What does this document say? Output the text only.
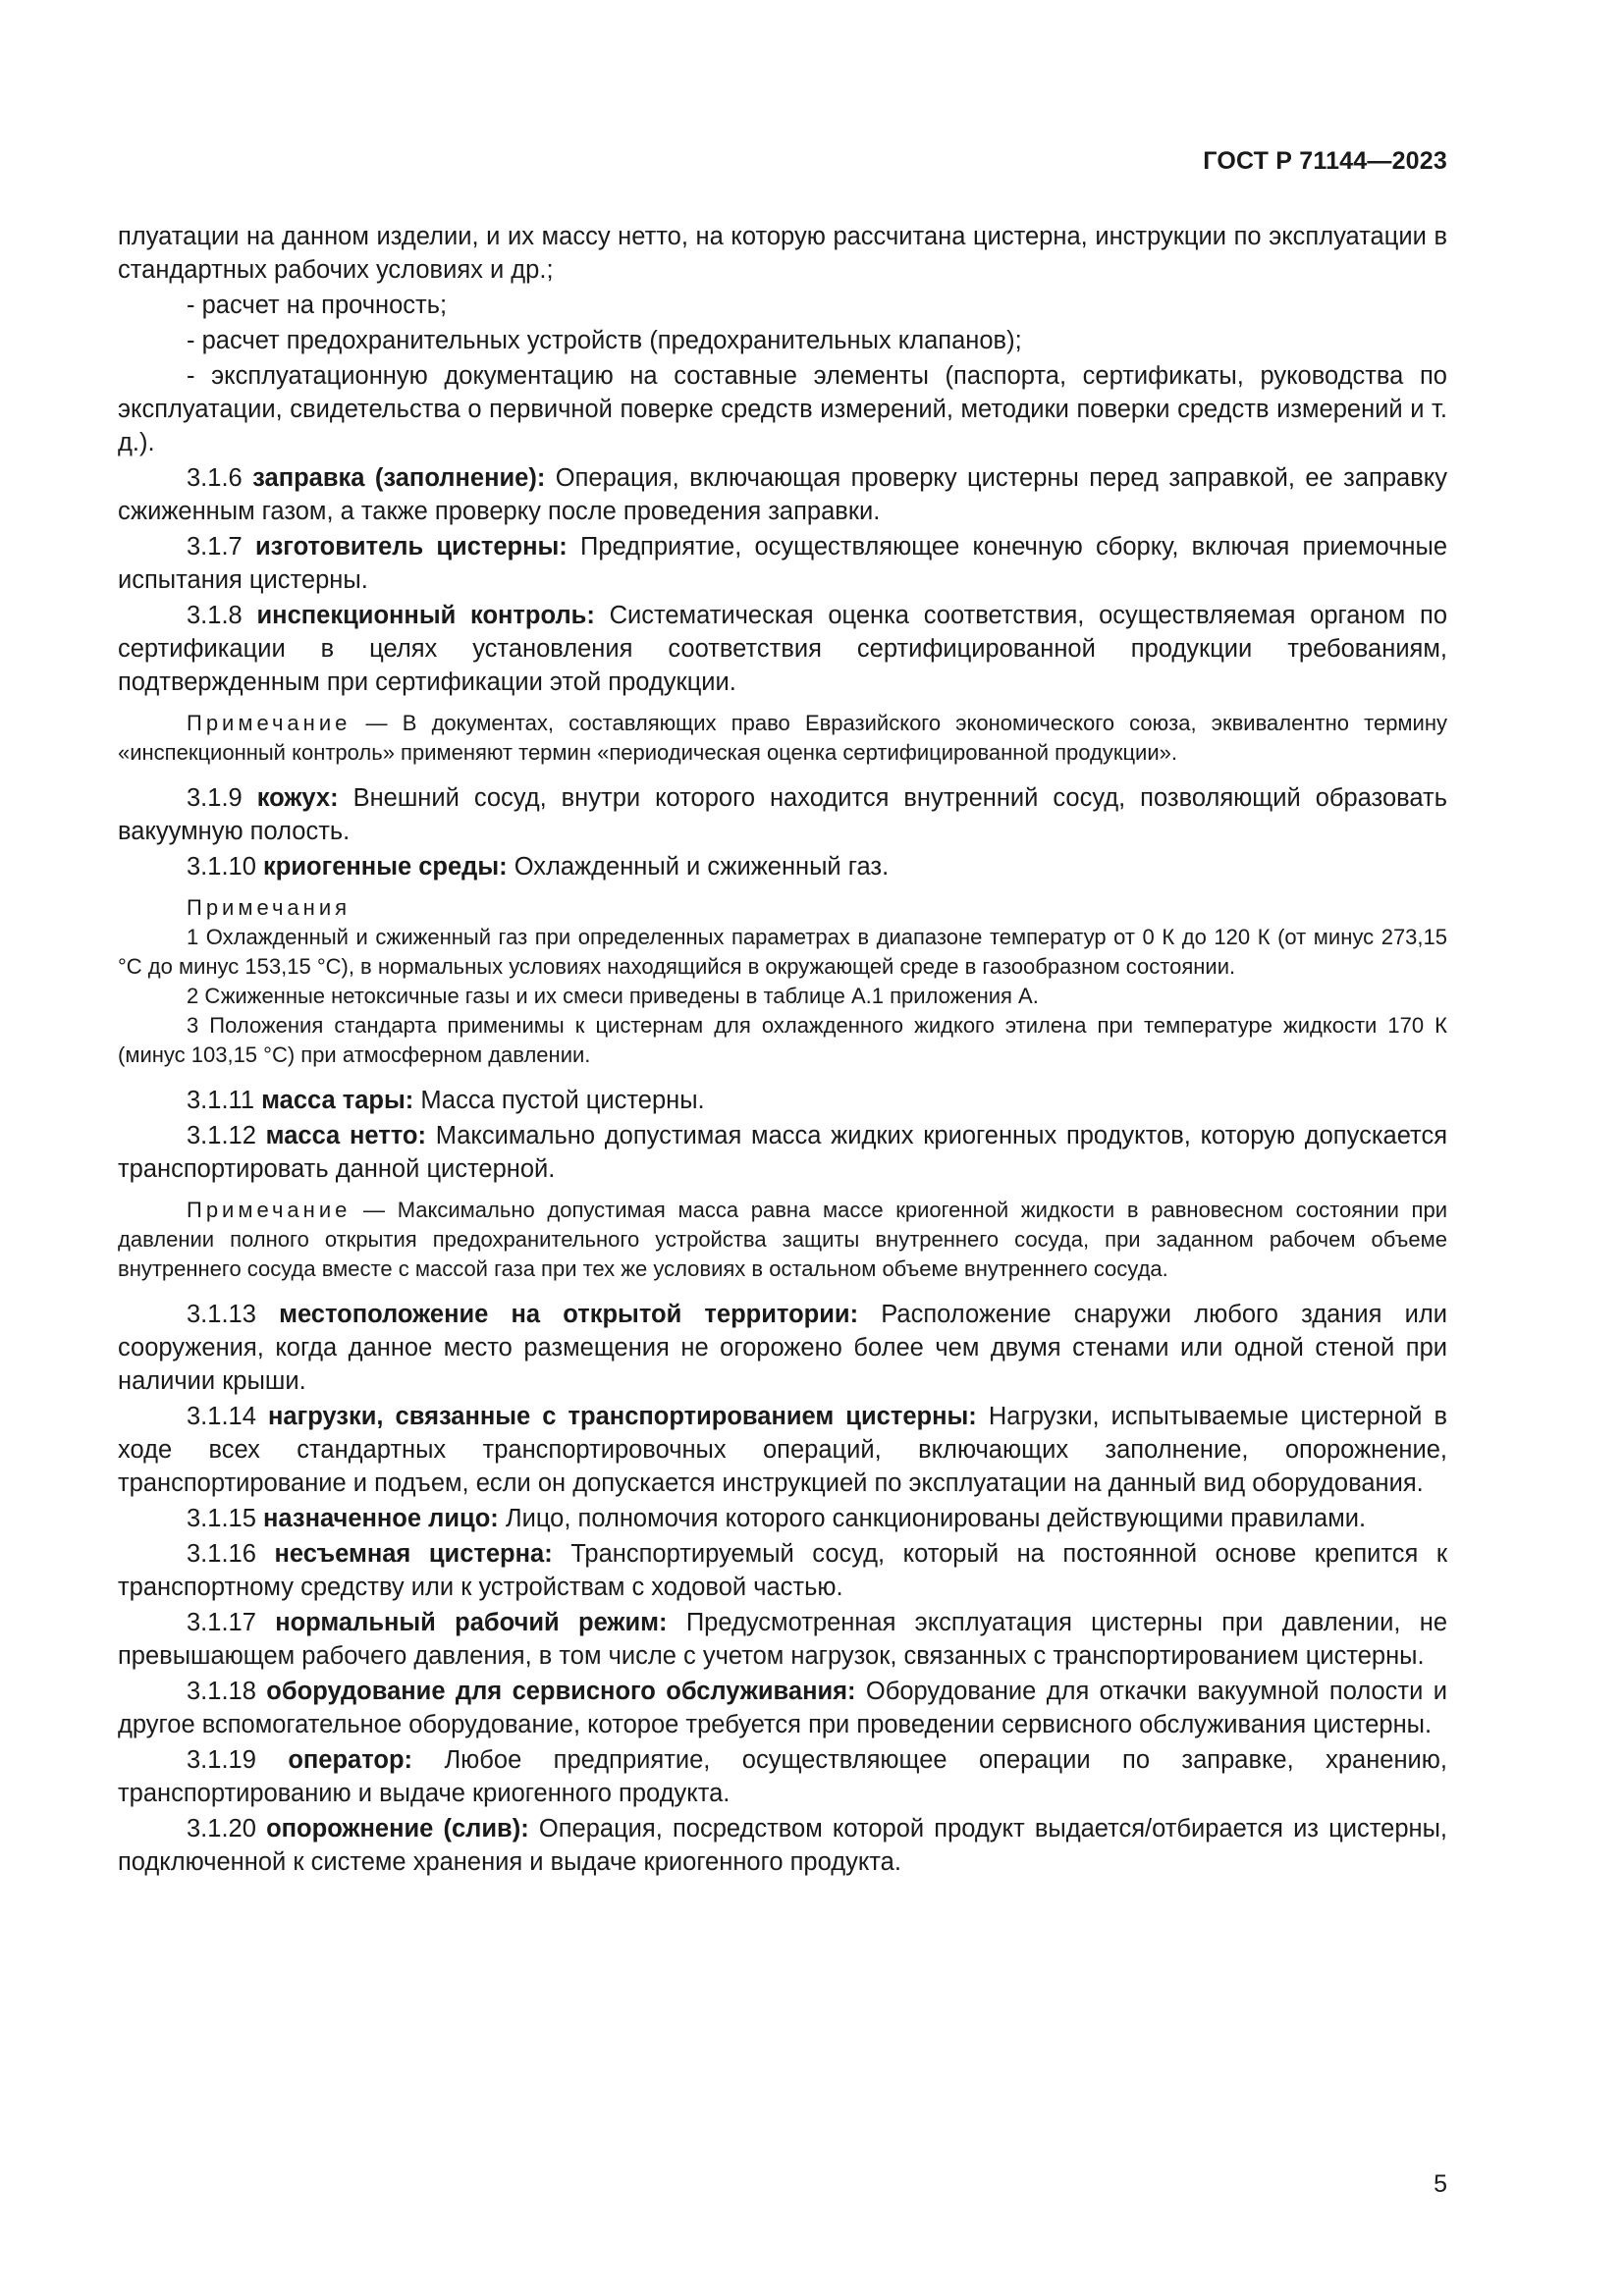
ГОСТ Р 71144—2023

плуатации на данном изделии, и их массу нетто, на которую рассчитана цистерна, инструкции по эксплуатации в стандартных рабочих условиях и др.;

- расчет на прочность;

- расчет предохранительных устройств (предохранительных клапанов);

- эксплуатационную документацию на составные элементы (паспорта, сертификаты, руководства по эксплуатации, свидетельства о первичной поверке средств измерений, методики поверки средств измерений и т. д.).

3.1.6 заправка (заполнение): Операция, включающая проверку цистерны перед заправкой, ее заправку сжиженным газом, а также проверку после проведения заправки.

3.1.7 изготовитель цистерны: Предприятие, осуществляющее конечную сборку, включая приемочные испытания цистерны.

3.1.8 инспекционный контроль: Систематическая оценка соответствия, осуществляемая органом по сертификации в целях установления соответствия сертифицированной продукции требованиям, подтвержденным при сертификации этой продукции.

Примечание — В документах, составляющих право Евразийского экономического союза, эквивалентно термину «инспекционный контроль» применяют термин «периодическая оценка сертифицированной продукции».

3.1.9 кожух: Внешний сосуд, внутри которого находится внутренний сосуд, позволяющий образовать вакуумную полость.

3.1.10 криогенные среды: Охлажденный и сжиженный газ.

Примечания
1 Охлажденный и сжиженный газ при определенных параметрах в диапазоне температур от 0 К до 120 К (от минус 273,15 °С до минус 153,15 °С), в нормальных условиях находящийся в окружающей среде в газообразном состоянии.
2 Сжиженные нетоксичные газы и их смеси приведены в таблице А.1 приложения А.
3 Положения стандарта применимы к цистернам для охлажденного жидкого этилена при температуре жидкости 170 К (минус 103,15 °С) при атмосферном давлении.

3.1.11 масса тары: Масса пустой цистерны.

3.1.12 масса нетто: Максимально допустимая масса жидких криогенных продуктов, которую допускается транспортировать данной цистерной.

Примечание — Максимально допустимая масса равна массе криогенной жидкости в равновесном состоянии при давлении полного открытия предохранительного устройства защиты внутреннего сосуда, при заданном рабочем объеме внутреннего сосуда вместе с массой газа при тех же условиях в остальном объеме внутреннего сосуда.

3.1.13 местоположение на открытой территории: Расположение снаружи любого здания или сооружения, когда данное место размещения не огорожено более чем двумя стенами или одной стеной при наличии крыши.

3.1.14 нагрузки, связанные с транспортированием цистерны: Нагрузки, испытываемые цистерной в ходе всех стандартных транспортировочных операций, включающих заполнение, опорожнение, транспортирование и подъем, если он допускается инструкцией по эксплуатации на данный вид оборудования.

3.1.15 назначенное лицо: Лицо, полномочия которого санкционированы действующими правилами.

3.1.16 несъемная цистерна: Транспортируемый сосуд, который на постоянной основе крепится к транспортному средству или к устройствам с ходовой частью.

3.1.17 нормальный рабочий режим: Предусмотренная эксплуатация цистерны при давлении, не превышающем рабочего давления, в том числе с учетом нагрузок, связанных с транспортированием цистерны.

3.1.18 оборудование для сервисного обслуживания: Оборудование для откачки вакуумной полости и другое вспомогательное оборудование, которое требуется при проведении сервисного обслуживания цистерны.

3.1.19 оператор: Любое предприятие, осуществляющее операции по заправке, хранению, транспортированию и выдаче криогенного продукта.

3.1.20 опорожнение (слив): Операция, посредством которой продукт выдается/отбирается из цистерны, подключенной к системе хранения и выдаче криогенного продукта.

5
